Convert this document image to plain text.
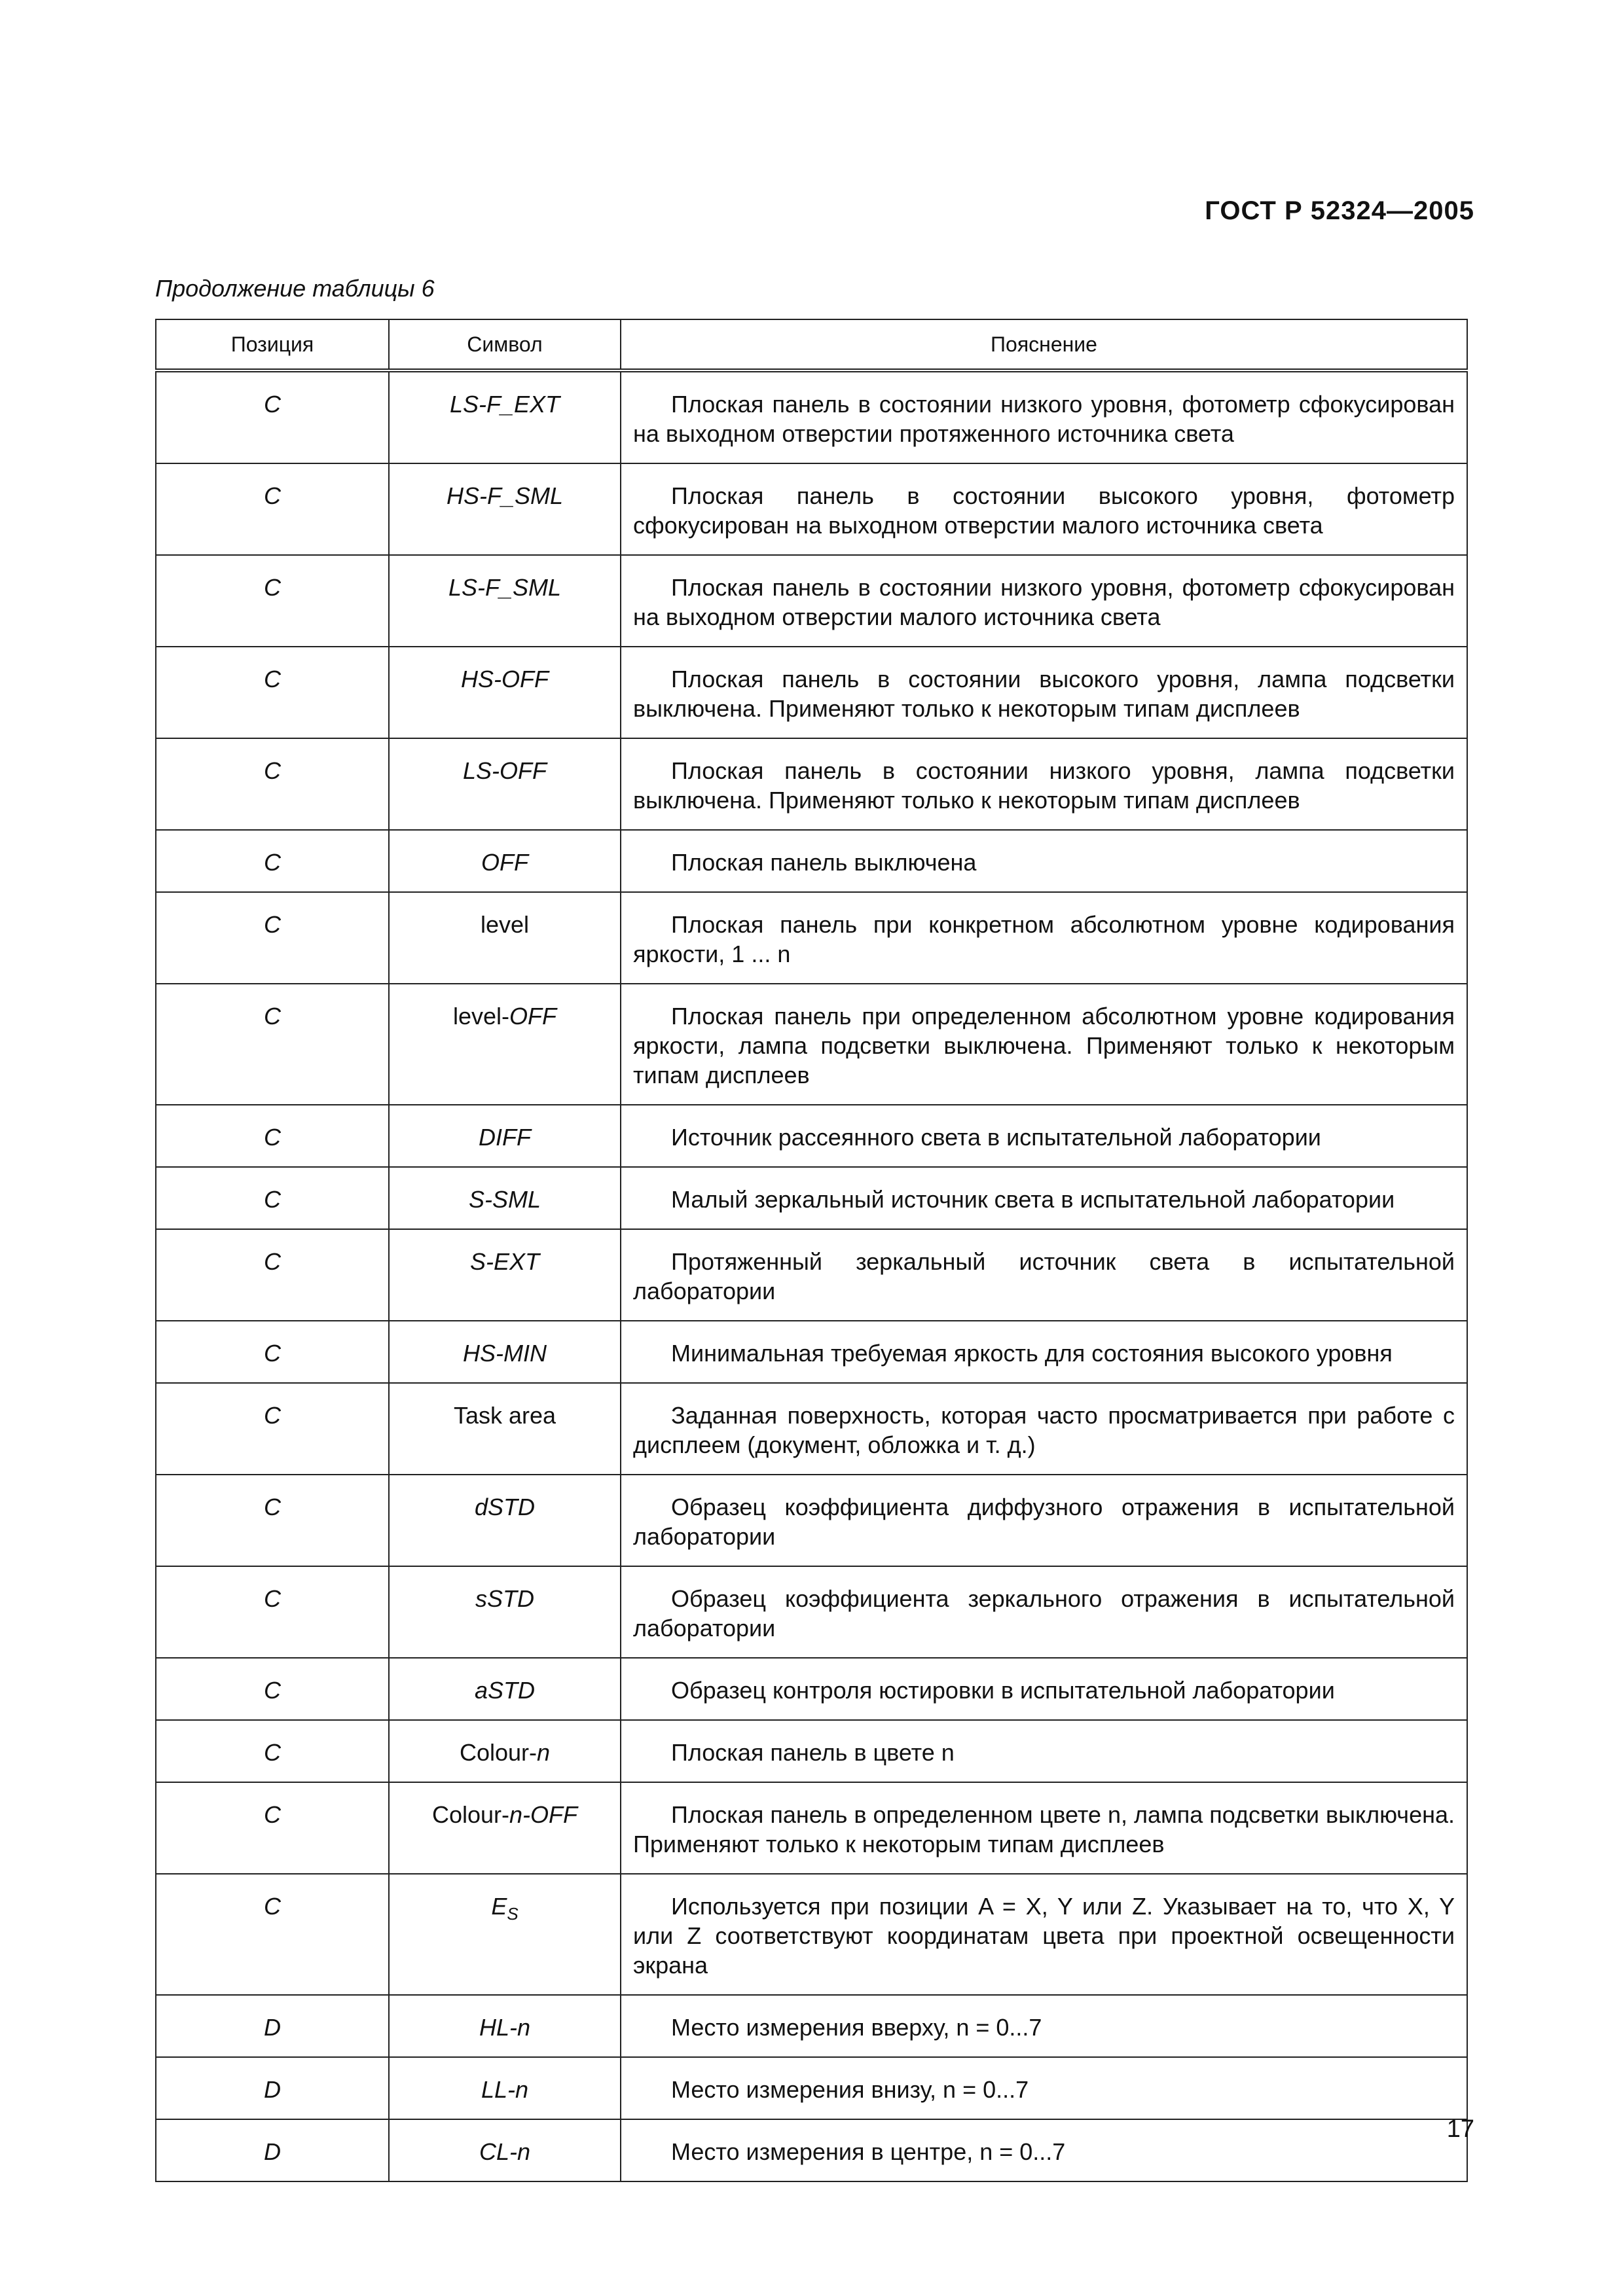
ГОСТ Р 52324—2005
Продолжение таблицы 6
Позиция	Символ	Пояснение
C	LS-F_EXT	Плоская панель в состоянии низкого уровня, фотометр сфокусирован на выходном отверстии протяженного источника света
C	HS-F_SML	Плоская панель в состоянии высокого уровня, фотометр сфокусирован на выходном отверстии малого источника света
C	LS-F_SML	Плоская панель в состоянии низкого уровня, фотометр сфокусирован на выходном отверстии малого источника света
C	HS-OFF	Плоская панель в состоянии высокого уровня, лампа подсветки выключена. Применяют только к некоторым типам дисплеев
C	LS-OFF	Плоская панель в состоянии низкого уровня, лампа подсветки выключена. Применяют только к некоторым типам дисплеев
C	OFF	Плоская панель выключена
C	level	Плоская панель при конкретном абсолютном уровне кодирования яркости, 1 ... n
C	level-OFF	Плоская панель при определенном абсолютном уровне кодирования яркости, лампа подсветки выключена. Применяют только к некоторым типам дисплеев
C	DIFF	Источник рассеянного света в испытательной лаборатории
C	S-SML	Малый зеркальный источник света в испытательной лаборатории
C	S-EXT	Протяженный зеркальный источник света в испытательной лаборатории
C	HS-MIN	Минимальная требуемая яркость для состояния высокого уровня
C	Task area	Заданная поверхность, которая часто просматривается при работе с дисплеем (документ, обложка и т. д.)
C	dSTD	Образец коэффициента диффузного отражения в испытательной лаборатории
C	sSTD	Образец коэффициента зеркального отражения в испытательной лаборатории
C	aSTD	Образец контроля юстировки в испытательной лаборатории
C	Colour-n	Плоская панель в цвете n
C	Colour-n-OFF	Плоская панель в определенном цвете n, лампа подсветки выключена. Применяют только к некоторым типам дисплеев
C	$E_S$	Используется при позиции A = X, Y или Z. Указывает на то, что X, Y или Z соответствуют координатам цвета при проектной освещенности экрана
D	HL-n	Место измерения вверху, n = 0...7
D	LL-n	Место измерения внизу, n = 0...7
D	CL-n	Место измерения в центре, n = 0...7
17
